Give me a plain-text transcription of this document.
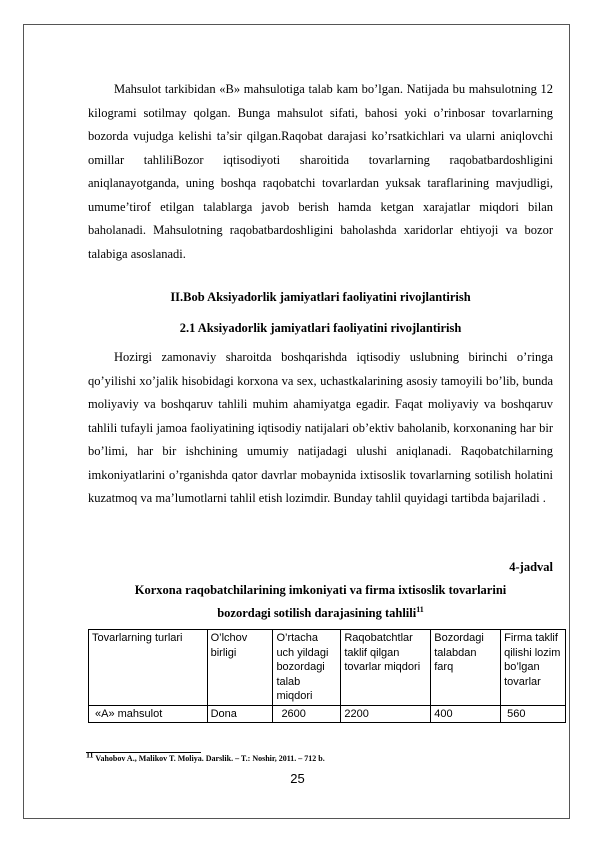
Mahsulot tarkibidan «B» mahsulotiga talab kam bo’lgan. Natijada bu mahsulotning 12 kilogrami sotilmay qolgan. Bunga mahsulot sifati, bahosi yoki o’rinbosar tovarlarning bozorda vujudga kelishi ta’sir qilgan.Raqobat darajasi ko’rsatkichlari va ularni aniqlovchi omillar tahliliBozor iqtisodiyoti sharoitida tovarlarning raqobatbardoshligini aniqlanayotganda, uning boshqa raqobatchi tovarlardan yuksak taraflarining mavjudligi, umume’tirof etilgan talablarga javob berish hamda ketgan xarajatlar miqdori bilan baholanadi. Mahsulotning raqobatbardoshligini baholashda xaridorlar ehtiyoji va bozor talabiga asoslanadi.

II.Bob Aksiyadorlik jamiyatlari faoliyatini rivojlantirish

2.1 Aksiyadorlik jamiyatlari faoliyatini rivojlantirish

Hozirgi zamonaviy sharoitda boshqarishda iqtisodiy uslubning birinchi o’ringa qo’yilishi xo’jalik hisobidagi korxona va sex, uchastkalarining asosiy tamoyili bo’lib, bunda moliyaviy va boshqaruv tahlili muhim ahamiyatga egadir. Faqat moliyaviy va boshqaruv tahlili tufayli jamoa faoliyatining iqtisodiy natijalari ob’ektiv baholanib, korxonaning har bir bo’limi, har bir ishchining umumiy natijadagi ulushi aniqlanadi. Raqobatchilarning imkoniyatlarini o’rganishda qator davrlar mobaynida ixtisoslik tovarlarning sotilish holatini kuzatmoq va ma’lumotlarni tahlil etish lozimdir. Bunday tahlil quyidagi tartibda bajariladi .

4-jadval
Korxona raqobatchilarining imkoniyati va firma ixtisoslik tovarlarini
bozordagi sotilish darajasining tahlili$^{11}$
Tovarlarning turlari	O’lchov birligi	O’rtacha uch yildagi bozordagi talab miqdori	Raqobatchtlar taklif qilgan tovarlar miqdori	Bozordagi talabdan farq	Firma taklif qilishi lozim bo’lgan tovarlar
«A» mahsulot	Dona	2600	2200	400	560
$^{11}$ Vahobov A., Malikov T. Moliya. Darslik. – T.: Noshir, 2011. – 712 b.
25
